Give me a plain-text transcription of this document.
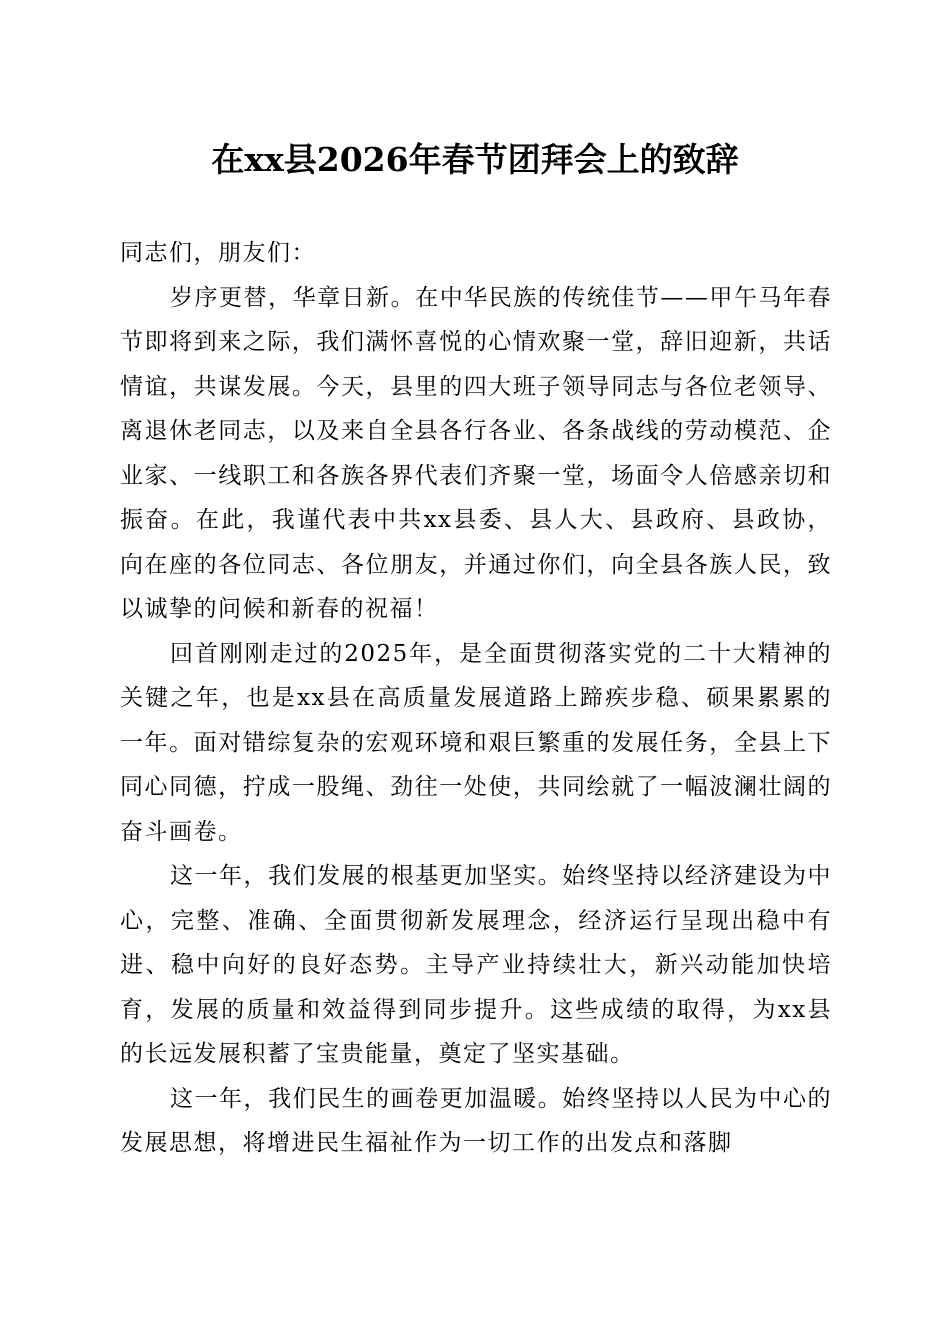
在xx县2026年春节团拜会上的致辞

同志们，朋友们：

岁序更替，华章日新。在中华民族的传统佳节——甲午马年春节即将到来之际，我们满怀喜悦的心情欢聚一堂，辞旧迎新，共话情谊，共谋发展。今天，县里的四大班子领导同志与各位老领导、离退休老同志，以及来自全县各行各业、各条战线的劳动模范、企业家、一线职工和各族各界代表们齐聚一堂，场面令人倍感亲切和振奋。在此，我谨代表中共xx县委、县人大、县政府、县政协，向在座的各位同志、各位朋友，并通过你们，向全县各族人民，致以诚挚的问候和新春的祝福！

回首刚刚走过的2025年，是全面贯彻落实党的二十大精神的关键之年，也是xx县在高质量发展道路上蹄疾步稳、硕果累累的一年。面对错综复杂的宏观环境和艰巨繁重的发展任务，全县上下同心同德，拧成一股绳、劲往一处使，共同绘就了一幅波澜壮阔的奋斗画卷。

这一年，我们发展的根基更加坚实。始终坚持以经济建设为中心，完整、准确、全面贯彻新发展理念，经济运行呈现出稳中有进、稳中向好的良好态势。主导产业持续壮大，新兴动能加快培育，发展的质量和效益得到同步提升。这些成绩的取得，为xx县的长远发展积蓄了宝贵能量，奠定了坚实基础。

这一年，我们民生的画卷更加温暖。始终坚持以人民为中心的发展思想，将增进民生福祉作为一切工作的出发点和落脚
